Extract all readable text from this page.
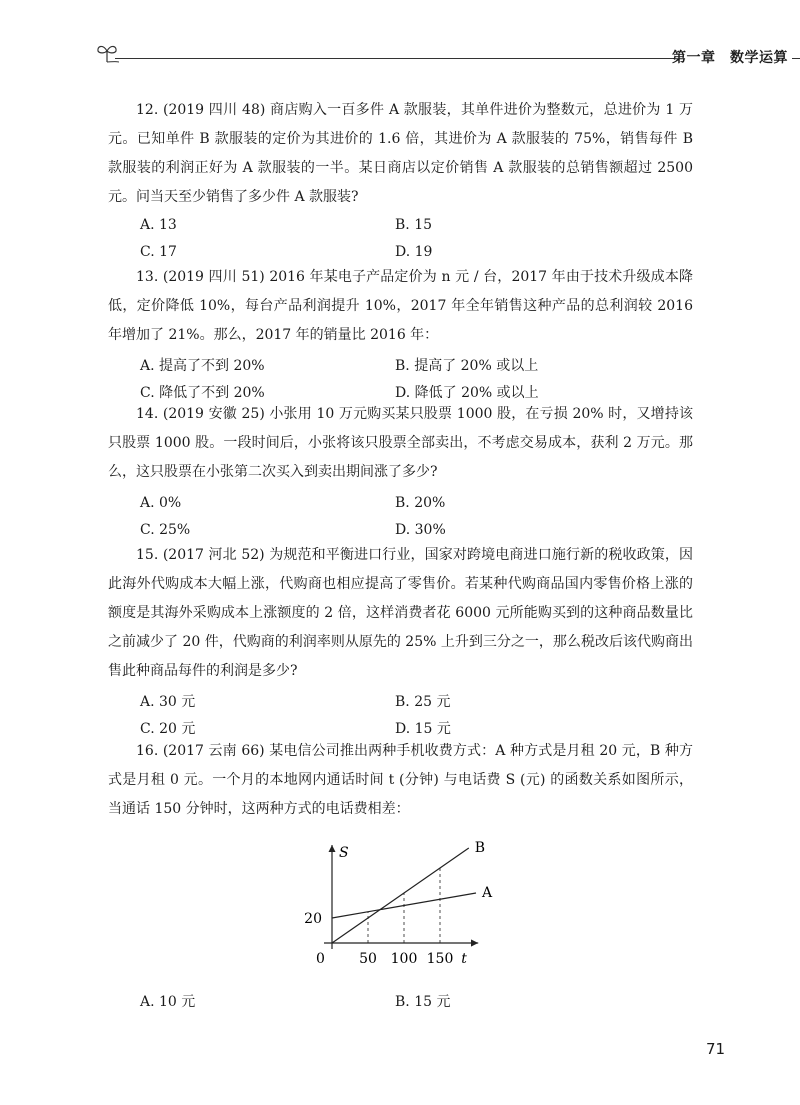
第一章　数学运算

12. (2019 四川 48) 商店购入一百多件 A 款服装，其单件进价为整数元，总进价为 1 万元。已知单件 B 款服装的定价为其进价的 1.6 倍，其进价为 A 款服装的 75%，销售每件 B 款服装的利润正好为 A 款服装的一半。某日商店以定价销售 A 款服装的总销售额超过 2500 元。问当天至少销售了多少件 A 款服装?

A. 13	B. 15
C. 17	D. 19

13. (2019 四川 51) 2016 年某电子产品定价为 n 元 / 台，2017 年由于技术升级成本降低，定价降低 10%，每台产品利润提升 10%，2017 年全年销售这种产品的总利润较 2016 年增加了 21%。那么，2017 年的销量比 2016 年：

A. 提高了不到 20%	B. 提高了 20% 或以上
C. 降低了不到 20%	D. 降低了 20% 或以上

14. (2019 安徽 25) 小张用 10 万元购买某只股票 1000 股，在亏损 20% 时，又增持该只股票 1000 股。一段时间后，小张将该只股票全部卖出，不考虑交易成本，获利 2 万元。那么，这只股票在小张第二次买入到卖出期间涨了多少?

A. 0%	B. 20%
C. 25%	D. 30%

15. (2017 河北 52) 为规范和平衡进口行业，国家对跨境电商进口施行新的税收政策，因此海外代购成本大幅上涨，代购商也相应提高了零售价。若某种代购商品国内零售价格上涨的额度是其海外采购成本上涨额度的 2 倍，这样消费者花 6000 元所能购买到的这种商品数量比之前减少了 20 件，代购商的利润率则从原先的 25% 上升到三分之一，那么税改后该代购商出售此种商品每件的利润是多少?

A. 30 元	B. 25 元
C. 20 元	D. 15 元

16. (2017 云南 66) 某电信公司推出两种手机收费方式：A 种方式是月租 20 元，B 种方式是月租 0 元。一个月的本地网内通话时间 t (分钟) 与电话费 S (元) 的函数关系如图所示，当通话 150 分钟时，这两种方式的电话费相差：

A
B
50 100 150
20
S
t
0
A. 10 元	B. 15 元
71
